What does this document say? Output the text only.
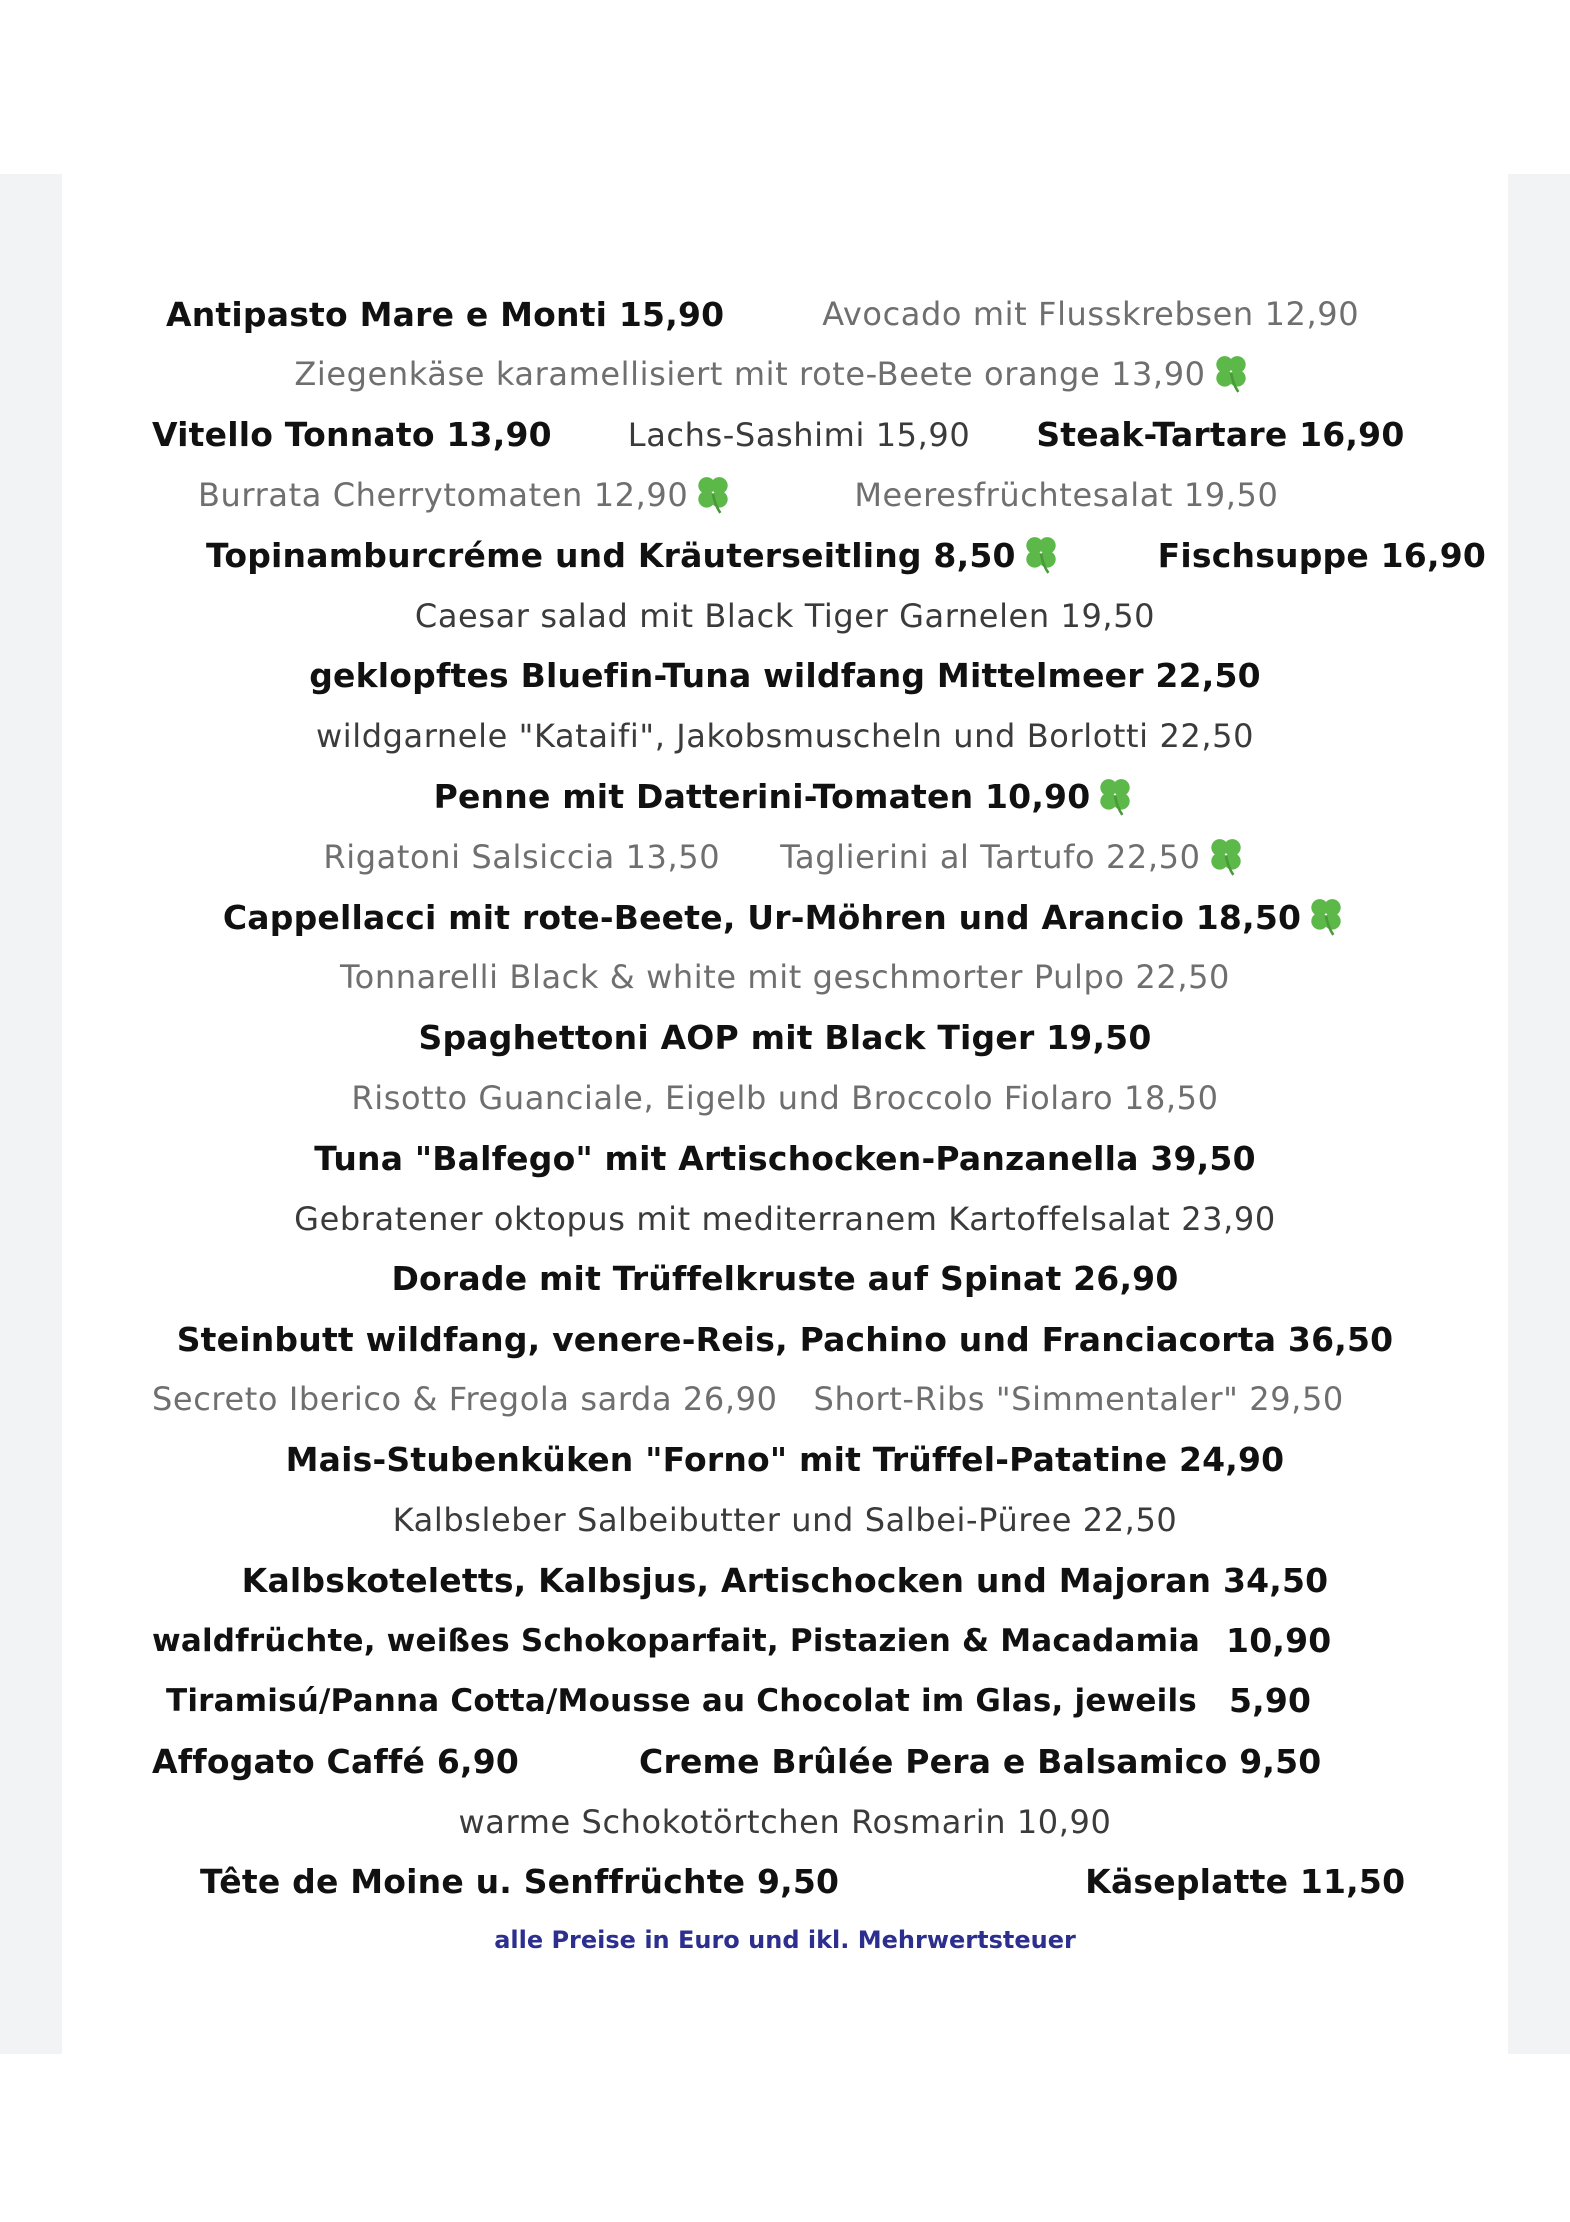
Antipasto Mare e Monti 15,90	Avocado mit Flusskrebsen 12,90
Ziegenkäse karamellisiert mit rote-Beete orange 13,90
Vitello Tonnato 13,90 Lachs-Sashimi 15,90 Steak-Tartare 16,90
Burrata Cherrytomaten 12,90	Meeresfrüchtesalat 19,50
Topinamburcréme und Kräuterseitling 8,50	Fischsuppe 16,90
Caesar salad mit Black Tiger Garnelen 19,50
geklopftes Bluefin-Tuna wildfang Mittelmeer 22,50
wildgarnele "Kataifi", Jakobsmuscheln und Borlotti 22,50
Penne mit Datterini-Tomaten 10,90
Rigatoni Salsiccia 13,50 Taglierini al Tartufo 22,50
Cappellacci mit rote-Beete, Ur-Möhren und Arancio 18,50
Tonnarelli Black & white mit geschmorter Pulpo 22,50
Spaghettoni AOP mit Black Tiger 19,50
Risotto Guanciale, Eigelb und Broccolo Fiolaro 18,50
Tuna "Balfego" mit Artischocken-Panzanella 39,50
Gebratener oktopus mit mediterranem Kartoffelsalat 23,90
Dorade mit Trüffelkruste auf Spinat 26,90
Steinbutt wildfang, venere-Reis, Pachino und Franciacorta 36,50
Secreto Iberico & Fregola sarda 26,90 Short-Ribs "Simmentaler" 29,50
Mais-Stubenküken "Forno" mit Trüffel-Patatine 24,90
Kalbsleber Salbeibutter und Salbei-Püree 22,50
Kalbskoteletts, Kalbsjus, Artischocken und Majoran 34,50
waldfrüchte, weißes Schokoparfait, Pistazien & Macadamia 10,90
Tiramisú/Panna Cotta/Mousse au Chocolat im Glas, jeweils 5,90
Affogato Caffé 6,90	Creme Brûlée Pera e Balsamico 9,50
warme Schokotörtchen Rosmarin 10,90
Tête de Moine u. Senffrüchte 9,50	Käseplatte 11,50
alle Preise in Euro und ikl. Mehrwertsteuer
